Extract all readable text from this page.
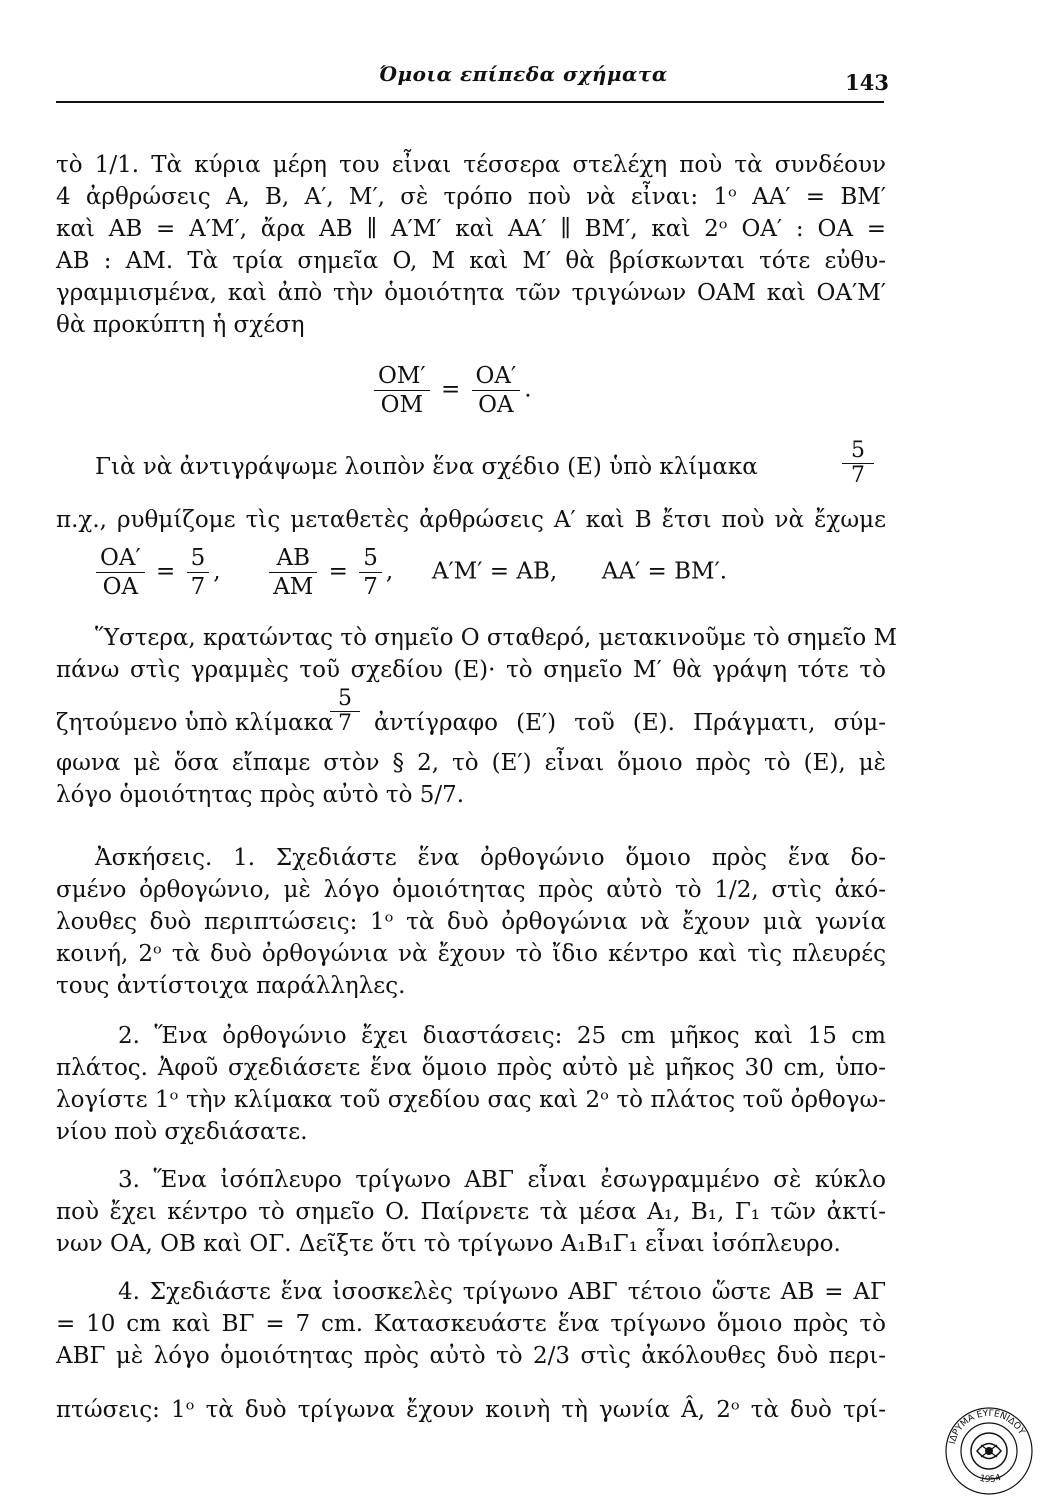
Όμοια επίπεδα σχήματα	143
τὸ 1/1. Τὰ κύρια μέρη του εἶναι τέσσερα στελέχη ποὺ τὰ συνδέουν
4 ἀρθρώσεις A, B, A′, M′, σὲ τρόπο ποὺ νὰ εἶναι: 1ᵒ AA′ = BM′
καὶ AB = A′M′, ἄρα AB ∥ A′M′ καὶ AA′ ∥ BM′, καὶ 2ᵒ OA′ : OA =
AB : AM. Τὰ τρία σημεῖα O, M καὶ M′ θὰ βρίσκωνται τότε εὐθυ-
γραμμισμένα, καὶ ἀπὸ τὴν ὁμοιότητα τῶν τριγώνων OAM καὶ OA′M′
θὰ προκύπτη ἡ σχέση
$\frac{OM'}{OM} = \frac{OA'}{OA}$ .
Γιὰ νὰ ἀντιγράψωμε λοιπὸν ἕνα σχέδιο (E) ὑπὸ κλίμακα
5
7
π.χ., ρυθμίζομε τὶς μεταθετὲς ἀρθρώσεις A′ καὶ B ἔτσι ποὺ νὰ ἔχωμε
$\frac{OA'}{OA} = \frac{5}{7}$ , $\frac{AB}{AM} = \frac{5}{7}$ , A′M′ = AB, AA′ = BM′.
Ὕστερα, κρατώντας τὸ σημεῖο O σταθερό, μετακινοῦμε τὸ σημεῖο M
πάνω στὶς γραμμὲς τοῦ σχεδίου (E)· τὸ σημεῖο M′ θὰ γράψη τότε τὸ
ζητούμενο ὑπὸ κλίμακα
5
7 ἀντίγραφο (E′) τοῦ (E). Πράγματι, σύμ-
φωνα μὲ ὅσα εἴπαμε στὸν § 2, τὸ (E′) εἶναι ὅμοιο πρὸς τὸ (E), μὲ
λόγο ὁμοιότητας πρὸς αὐτὸ τὸ 5/7.
Ἀσκήσεις. 1. Σχεδιάστε ἕνα ὀρθογώνιο ὅμοιο πρὸς ἕνα δο-
σμένο ὀρθογώνιο, μὲ λόγο ὁμοιότητας πρὸς αὐτὸ τὸ 1/2, στὶς ἀκό-
λουθες δυὸ περιπτώσεις: 1ᵒ τὰ δυὸ ὀρθογώνια νὰ ἔχουν μιὰ γωνία
κοινή, 2ᵒ τὰ δυὸ ὀρθογώνια νὰ ἔχουν τὸ ἴδιο κέντρο καὶ τὶς πλευρές
τους ἀντίστοιχα παράλληλες.
2. Ἕνα ὀρθογώνιο ἔχει διαστάσεις: 25 cm μῆκος καὶ 15 cm
πλάτος. Ἀφοῦ σχεδιάσετε ἕνα ὅμοιο πρὸς αὐτὸ μὲ μῆκος 30 cm, ὑπο-
λογίστε 1ᵒ τὴν κλίμακα τοῦ σχεδίου σας καὶ 2ᵒ τὸ πλάτος τοῦ ὀρθογω-
νίου ποὺ σχεδιάσατε.
3. Ἕνα ἰσόπλευρο τρίγωνο ABΓ εἶναι ἐσωγραμμένο σὲ κύκλο
ποὺ ἔχει κέντρο τὸ σημεῖο O. Παίρνετε τὰ μέσα A₁, B₁, Γ₁ τῶν ἀκτί-
νων OA, OB καὶ OΓ. Δεῖξτε ὅτι τὸ τρίγωνο A₁B₁Γ₁ εἶναι ἰσόπλευρο.
4. Σχεδιάστε ἕνα ἰσοσκελὲς τρίγωνο ABΓ τέτοιο ὥστε AB = AΓ
= 10 cm καὶ BΓ = 7 cm. Κατασκευάστε ἕνα τρίγωνο ὅμοιο πρὸς τὸ
ABΓ μὲ λόγο ὁμοιότητας πρὸς αὐτὸ τὸ 2/3 στὶς ἀκόλουθες δυὸ περι-
πτώσεις: 1ᵒ τὰ δυὸ τρίγωνα ἔχουν κοινὴ τὴ γωνία Â, 2ᵒ τὰ δυὸ τρί-
ΙΔΡΥΜΑ ΕΥΓΕΝΙΔΟΥ
1954
